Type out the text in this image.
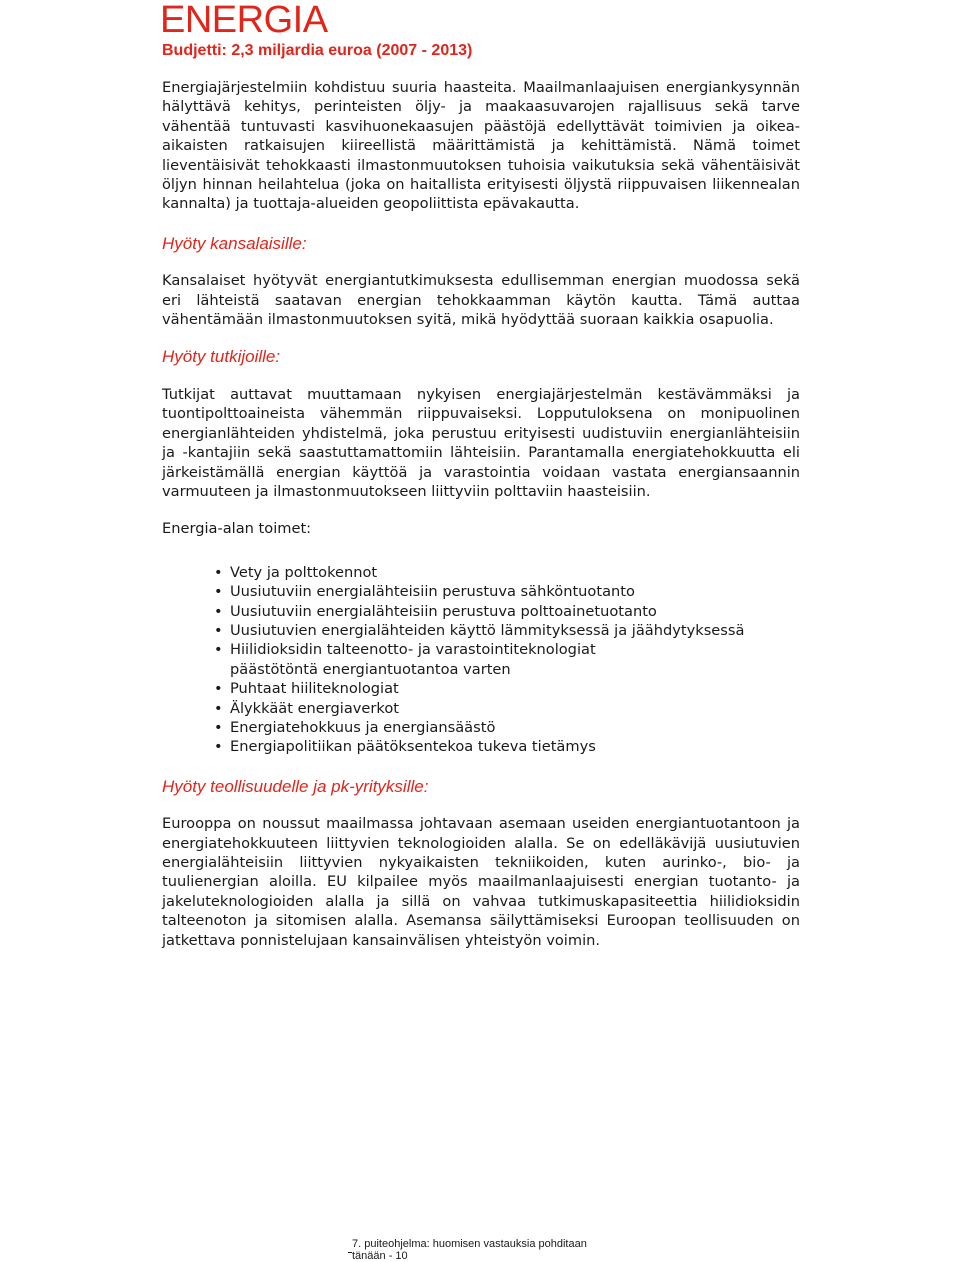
ENERGIA
Budjetti: 2,3 miljardia euroa (2007 - 2013)

Energiajärjestelmiin kohdistuu suuria haasteita. Maailmanlaajuisen energiankysynnän hälyttävä kehitys, perinteisten öljy- ja maakaasuvarojen rajallisuus sekä tarve vähentää tuntuvasti kasvihuonekaasujen päästöjä edellyttävät toimivien ja oikea-aikaisten ratkaisujen kiireellistä määrittämistä ja kehittämistä. Nämä toimet lieventäisivät tehokkaasti ilmastonmuutoksen tuhoisia vaikutuksia sekä vähentäisivät öljyn hinnan heilahtelua (joka on haitallista erityisesti öljystä riippuvaisen liikennealan kannalta) ja tuottaja-alueiden geopoliittista epävakautta.

Hyöty kansalaisille:

Kansalaiset hyötyvät energiantutkimuksesta edullisemman energian muodossa sekä eri lähteistä saatavan energian tehokkaamman käytön kautta. Tämä auttaa vähentämään ilmastonmuutoksen syitä, mikä hyödyttää suoraan kaikkia osapuolia.

Hyöty tutkijoille:

Tutkijat auttavat muuttamaan nykyisen energiajärjestelmän kestävämmäksi ja tuontipolttoaineista vähemmän riippuvaiseksi. Lopputuloksena on monipuolinen energianlähteiden yhdistelmä, joka perustuu erityisesti uudistuviin energianlähteisiin ja -kantajiin sekä saastuttamattomiin lähteisiin. Parantamalla energiatehokkuutta eli järkeistämällä energian käyttöä ja varastointia voidaan vastata energiansaannin varmuuteen ja ilmastonmuutokseen liittyviin polttaviin haasteisiin.

Energia-alan toimet:

• Vety ja polttokennot
• Uusiutuviin energialähteisiin perustuva sähköntuotanto
• Uusiutuviin energialähteisiin perustuva polttoainetuotanto
• Uusiutuvien energialähteiden käyttö lämmityksessä ja jäähdytyksessä
• Hiilidioksidin talteenotto- ja varastointiteknologiat päästötöntä energiantuotantoa varten
• Puhtaat hiiliteknologiat
• Älykkäät energiaverkot
• Energiatehokkuus ja energiansäästö
• Energiapolitiikan päätöksentekoa tukeva tietämys

Hyöty teollisuudelle ja pk-yrityksille:

Eurooppa on noussut maailmassa johtavaan asemaan useiden energiantuotantoon ja energiatehokkuuteen liittyvien teknologioiden alalla. Se on edelläkävijä uusiutuvien energialähteisiin liittyvien nykyaikaisten tekniikoiden, kuten aurinko-, bio- ja tuulienergian aloilla. EU kilpailee myös maailmanlaajuisesti energian tuotanto- ja jakeluteknologioiden alalla ja sillä on vahvaa tutkimuskapasiteettia hiilidioksidin talteenoton ja sitomisen alalla. Asemansa säilyttämiseksi Euroopan teollisuuden on jatkettava ponnistelujaan kansainvälisen yhteistyön voimin.

7. puiteohjelma: huomisen vastauksia pohditaan tänään - 10
